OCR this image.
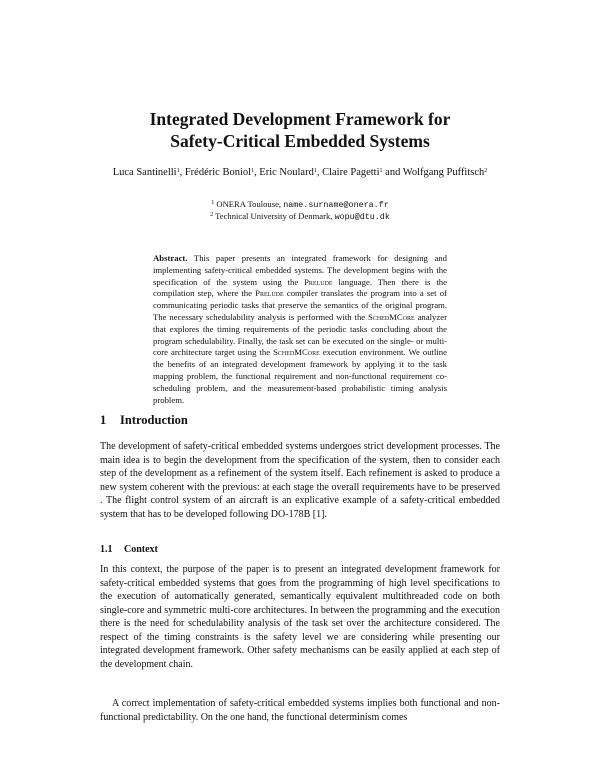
Integrated Development Framework for
Safety-Critical Embedded Systems
Luca Santinelli$^1$, Frédéric Boniol$^1$, Eric Noulard$^1$, Claire Pagetti$^1$ and Wolfgang Puffitsch$^2$
$^1$ ONERA Toulouse, name.surname@onera.fr
$^2$ Technical University of Denmark, wopu@dtu.dk
Abstract. This paper presents an integrated framework for designing and implementing safety-critical embedded systems. The development begins with the specification of the system using the Prelude language. Then there is the compilation step, where the Prelude compiler translates the program into a set of communicating periodic tasks that preserve the semantics of the original program. The necessary schedulability analysis is performed with the SchedMCore analyzer that explores the timing requirements of the periodic tasks concluding about the program schedulability. Finally, the task set can be executed on the single- or multi-core architecture target using the SchedMCore execution environment. We outline the benefits of an integrated development framework by applying it to the task mapping problem, the functional requirement and non-functional requirement co-scheduling problem, and the measurement-based probabilistic timing analysis problem.
1 Introduction
The development of safety-critical embedded systems undergoes strict development processes. The main idea is to begin the development from the specification of the system, then to consider each step of the development as a refinement of the system itself. Each refinement is asked to produce a new system coherent with the previous: at each stage the overall requirements have to be preserved . The flight control system of an aircraft is an explicative example of a safety-critical embedded system that has to be developed following DO-178B [1].
1.1 Context
In this context, the purpose of the paper is to present an integrated development framework for safety-critical embedded systems that goes from the programming of high level specifications to the execution of automatically generated, semantically equivalent multithreaded code on both single-core and symmetric multi-core architectures. In between the programming and the execution there is the need for schedulability analysis of the task set over the architecture considered. The respect of the timing constraints is the safety level we are considering while presenting our integrated development framework. Other safety mechanisms can be easily applied at each step of the development chain.
A correct implementation of safety-critical embedded systems implies both functional and non-functional predictability. On the one hand, the functional determinism comes
